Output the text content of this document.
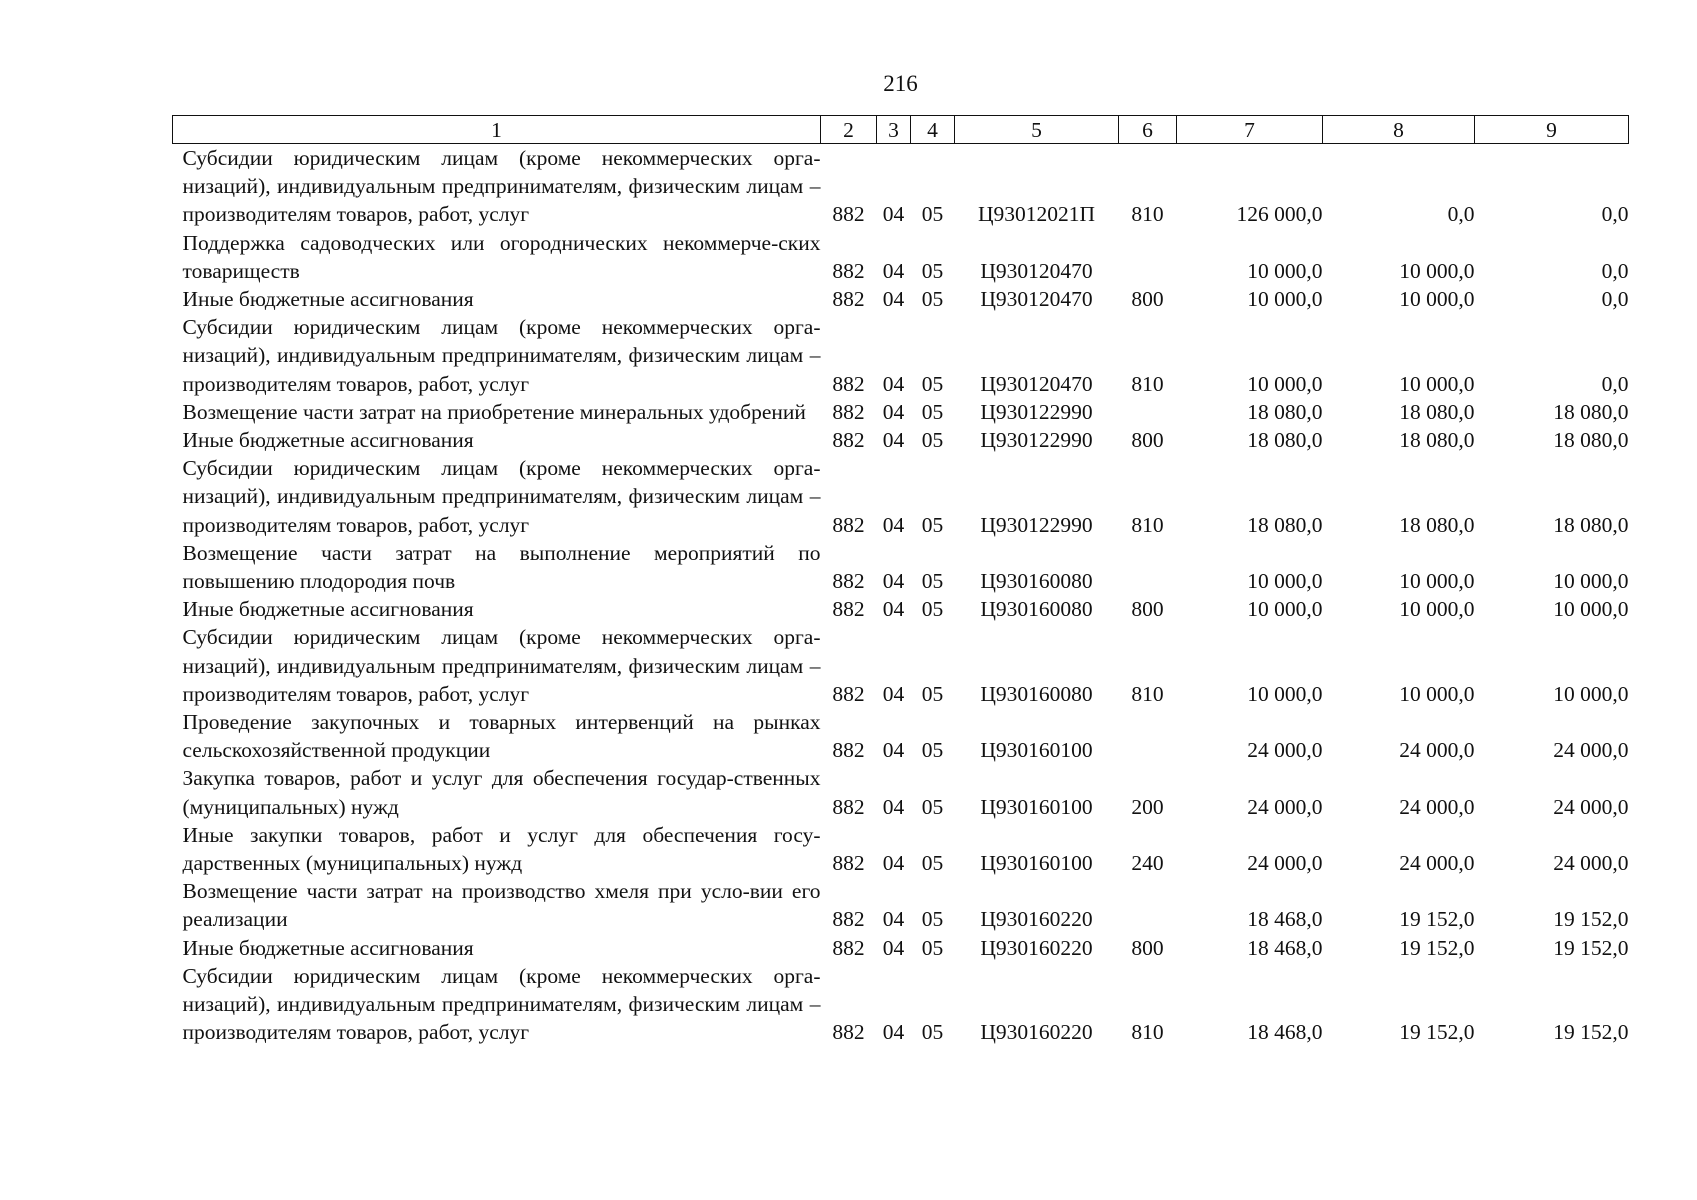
216
1	2	3	4	5	6	7	8	9
Субсидии юридическим лицам (кроме некоммерческих орга-низаций), индивидуальным предпринимателям, физическим лицам – производителям товаров, работ, услуг	882	04	05	Ц93012021П	810	126 000,0	0,0	0,0
Поддержка садоводческих или огороднических некоммерче-ских товариществ	882	04	05	Ц930120470		10 000,0	10 000,0	0,0
Иные бюджетные ассигнования	882	04	05	Ц930120470	800	10 000,0	10 000,0	0,0
Субсидии юридическим лицам (кроме некоммерческих орга-низаций), индивидуальным предпринимателям, физическим лицам – производителям товаров, работ, услуг	882	04	05	Ц930120470	810	10 000,0	10 000,0	0,0
Возмещение части затрат на приобретение минеральных удобрений	882	04	05	Ц930122990		18 080,0	18 080,0	18 080,0
Иные бюджетные ассигнования	882	04	05	Ц930122990	800	18 080,0	18 080,0	18 080,0
Субсидии юридическим лицам (кроме некоммерческих орга-низаций), индивидуальным предпринимателям, физическим лицам – производителям товаров, работ, услуг	882	04	05	Ц930122990	810	18 080,0	18 080,0	18 080,0
Возмещение части затрат на выполнение мероприятий по повышению плодородия почв	882	04	05	Ц930160080		10 000,0	10 000,0	10 000,0
Иные бюджетные ассигнования	882	04	05	Ц930160080	800	10 000,0	10 000,0	10 000,0
Субсидии юридическим лицам (кроме некоммерческих орга-низаций), индивидуальным предпринимателям, физическим лицам – производителям товаров, работ, услуг	882	04	05	Ц930160080	810	10 000,0	10 000,0	10 000,0
Проведение закупочных и товарных интервенций на рынках сельскохозяйственной продукции	882	04	05	Ц930160100		24 000,0	24 000,0	24 000,0
Закупка товаров, работ и услуг для обеспечения государ-ственных (муниципальных) нужд	882	04	05	Ц930160100	200	24 000,0	24 000,0	24 000,0
Иные закупки товаров, работ и услуг для обеспечения госу-дарственных (муниципальных) нужд	882	04	05	Ц930160100	240	24 000,0	24 000,0	24 000,0
Возмещение части затрат на производство хмеля при усло-вии его реализации	882	04	05	Ц930160220		18 468,0	19 152,0	19 152,0
Иные бюджетные ассигнования	882	04	05	Ц930160220	800	18 468,0	19 152,0	19 152,0
Субсидии юридическим лицам (кроме некоммерческих орга-низаций), индивидуальным предпринимателям, физическим лицам – производителям товаров, работ, услуг	882	04	05	Ц930160220	810	18 468,0	19 152,0	19 152,0
